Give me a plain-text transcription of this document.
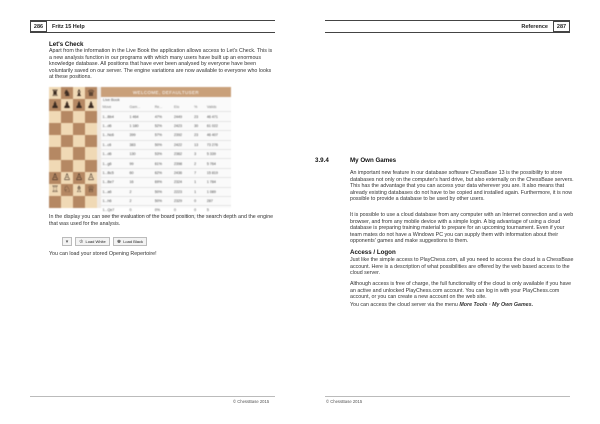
286	Fritz 15 Help
Let's Check
Apart from the information in the Live Book the application allows access to Let's Check. This is a new analysis function in our programs with which many users have built up an enormous knowledge database. All positions that have ever been analysed by everyone have been voluntarily saved on our server. The engine variations are now available to everyone who looks at these positions.
♜ ♞ ♝ ♛
♟ ♟ ♟ ♟
♙ ♙ ♙ ♙
♖ ♘ ♗ ♕
WELCOME, DEFAULTUSER
Live Book
Move	Gam...	Re...	Elo	%	Valids
1...Bb4	1 464	47%	2449	23	46 471
1...d6	1 180	52%	2423	30	61 022
1...Nc6	399	57%	2392	23	46 407
1...c6	383	50%	2422	13	73 276
1...d6	130	53%	2362	3	5 339
1...g6	99	61%	2398	2	5 764
1...Bc5	60	62%	2436	7	15 819
1...Be7	16	69%	2324	1	1 784
1...a6	2	50%	2223	1	1 089
1...h6	2	50%	2329	0	287
1...Qe7	0	0%	0	0	5
In the display you can see the evaluation of the board position, the search depth and the engine that was used for the analysis.
▾ ♔ Load White ♚ Load Black
You can load your stored Opening Repertoire!
© ChessBase 2015
Reference	287
3.9.4	My Own Games
An important new feature in our database software ChessBase 13 is the possibility to store databases not only on the computer's hard drive, but also externally on the ChessBase servers. This has the advantage that you can access your data wherever you are. It also means that already existing databases do not have to be copied and installed again. Furthermore, it is now possible to provide a database to be used by other users.
It is possible to use a cloud database from any computer with an Internet connection and a web browser, and from any mobile device with a simple login. A big advantage of using a cloud database is preparing training material to prepare for an upcoming tournament. Even if your team mates do not have a Windows PC you can supply them with information about their opponents' games and make suggestions to them.
Access / Logon
Just like the simple access to PlayChess.com, all you need to access the cloud is a ChessBase account. Here is a description of what possibilities are offered by the web based access to the cloud server.
Although access is free of charge, the full functionality of the cloud is only available if you have an active and unlocked PlayChess.com account. You can log in with your PlayChess.com account, or you can create a new account on the web site.
You can access the cloud server via the menu More Tools · My Own Games.
© ChessBase 2015
